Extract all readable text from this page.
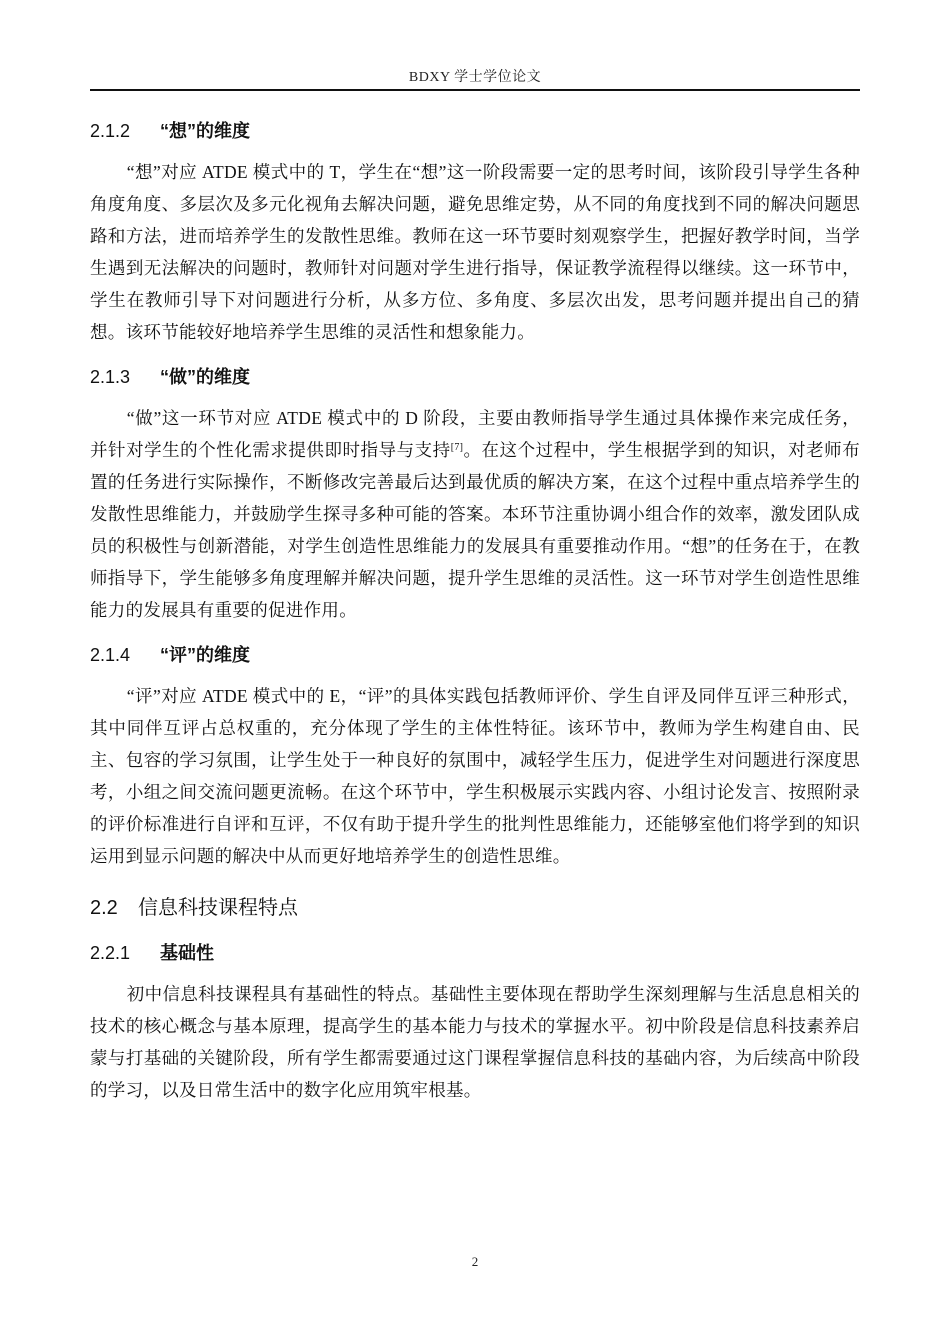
BDXY 学士学位论文
2.1.2 “想”的维度

“想”对应 ATDE 模式中的 T，学生在“想”这一阶段需要一定的思考时间，该阶段引导学生各种角度角度、多层次及多元化视角去解决问题，避免思维定势，从不同的角度找到不同的解决问题思路和方法，进而培养学生的发散性思维。教师在这一环节要时刻观察学生，把握好教学时间，当学生遇到无法解决的问题时，教师针对问题对学生进行指导，保证教学流程得以继续。这一环节中，学生在教师引导下对问题进行分析，从多方位、多角度、多层次出发，思考问题并提出自己的猜想。该环节能较好地培养学生思维的灵活性和想象能力。

2.1.3 “做”的维度

“做”这一环节对应 ATDE 模式中的 D 阶段，主要由教师指导学生通过具体操作来完成任务，并针对学生的个性化需求提供即时指导与支持[7]。在这个过程中，学生根据学到的知识，对老师布置的任务进行实际操作，不断修改完善最后达到最优质的解决方案，在这个过程中重点培养学生的发散性思维能力，并鼓励学生探寻多种可能的答案。本环节注重协调小组合作的效率，激发团队成员的积极性与创新潜能，对学生创造性思维能力的发展具有重要推动作用。“想”的任务在于，在教师指导下，学生能够多角度理解并解决问题，提升学生思维的灵活性。这一环节对学生创造性思维能力的发展具有重要的促进作用。

2.1.4 “评”的维度

“评”对应 ATDE 模式中的 E，“评”的具体实践包括教师评价、学生自评及同伴互评三种形式，其中同伴互评占总权重的，充分体现了学生的主体性特征。该环节中，教师为学生构建自由、民主、包容的学习氛围，让学生处于一种良好的氛围中，减轻学生压力，促进学生对问题进行深度思考，小组之间交流问题更流畅。在这个环节中，学生积极展示实践内容、小组讨论发言、按照附录的评价标准进行自评和互评，不仅有助于提升学生的批判性思维能力，还能够室他们将学到的知识运用到显示问题的解决中从而更好地培养学生的创造性思维。

2.2 信息科技课程特点
2.2.1 基础性

初中信息科技课程具有基础性的特点。基础性主要体现在帮助学生深刻理解与生活息息相关的技术的核心概念与基本原理，提高学生的基本能力与技术的掌握水平。初中阶段是信息科技素养启蒙与打基础的关键阶段，所有学生都需要通过这门课程掌握信息科技的基础内容，为后续高中阶段的学习，以及日常生活中的数字化应用筑牢根基。

2
